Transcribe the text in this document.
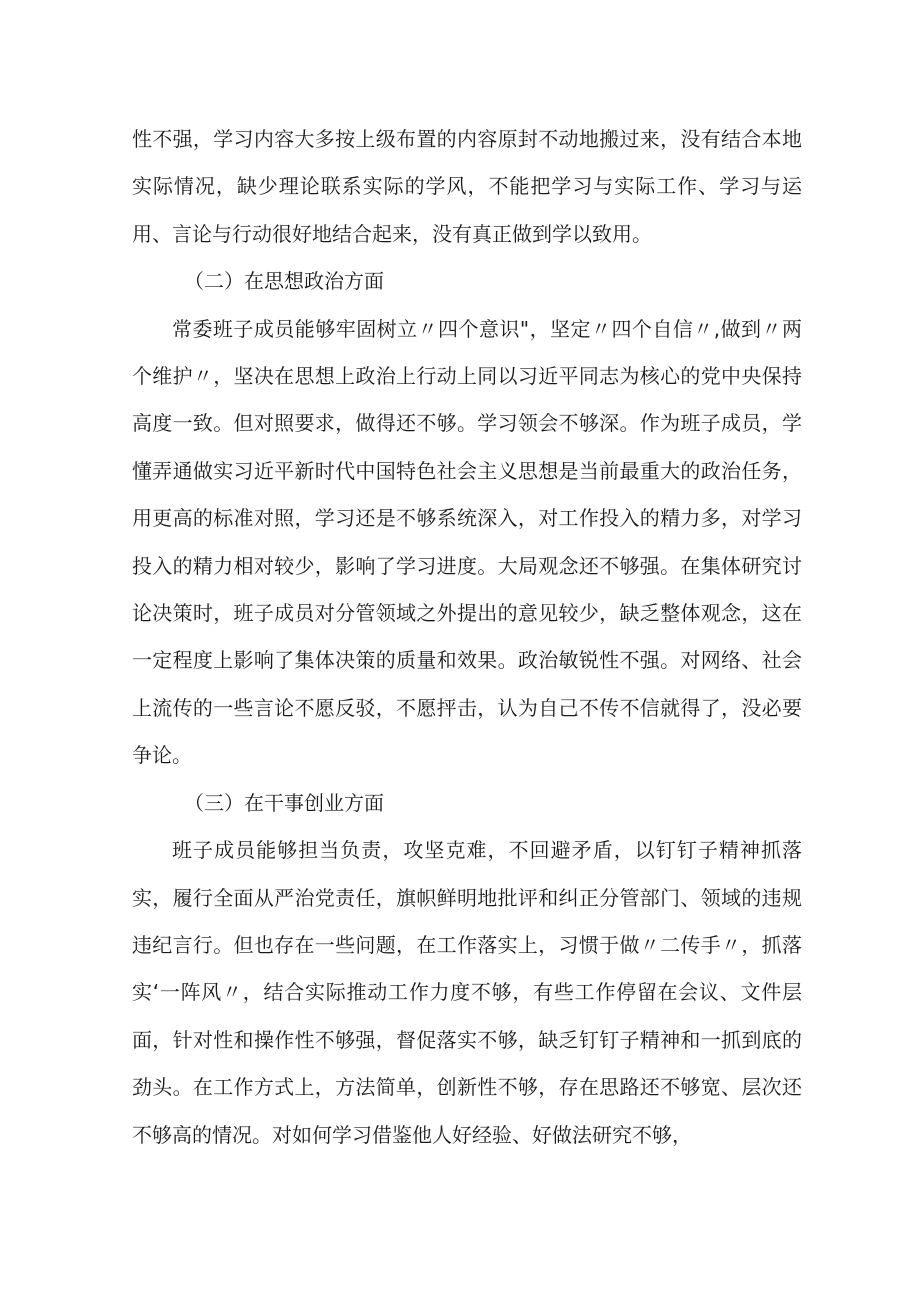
性不强，学习内容大多按上级布置的内容原封不动地搬过来，没有结合本地实际情况，缺少理论联系实际的学风，不能把学习与实际工作、学习与运用、言论与行动很好地结合起来，没有真正做到学以致用。

（二）在思想政治方面

常委班子成员能够牢固树立〃四个意识"，坚定〃四个自信〃,做到〃两个维护〃，坚决在思想上政治上行动上同以习近平同志为核心的党中央保持高度一致。但对照要求，做得还不够。学习领会不够深。作为班子成员，学懂弄通做实习近平新时代中国特色社会主义思想是当前最重大的政治任务，用更高的标准对照，学习还是不够系统深入，对工作投入的精力多，对学习投入的精力相对较少，影响了学习进度。大局观念还不够强。在集体研究讨论决策时，班子成员对分管领域之外提出的意见较少，缺乏整体观念，这在一定程度上影响了集体决策的质量和效果。政治敏锐性不强。对网络、社会上流传的一些言论不愿反驳，不愿抨击，认为自己不传不信就得了，没必要争论。

（三）在干事创业方面

班子成员能够担当负责，攻坚克难，不回避矛盾，以钉钉子精神抓落实，履行全面从严治党责任，旗帜鲜明地批评和纠正分管部门、领域的违规违纪言行。但也存在一些问题，在工作落实上，习惯于做〃二传手〃，抓落实‘一阵风〃，结合实际推动工作力度不够，有些工作停留在会议、文件层面，针对性和操作性不够强，督促落实不够，缺乏钉钉子精神和一抓到底的劲头。在工作方式上，方法简单，创新性不够，存在思路还不够宽、层次还不够高的情况。对如何学习借鉴他人好经验、好做法研究不够，
